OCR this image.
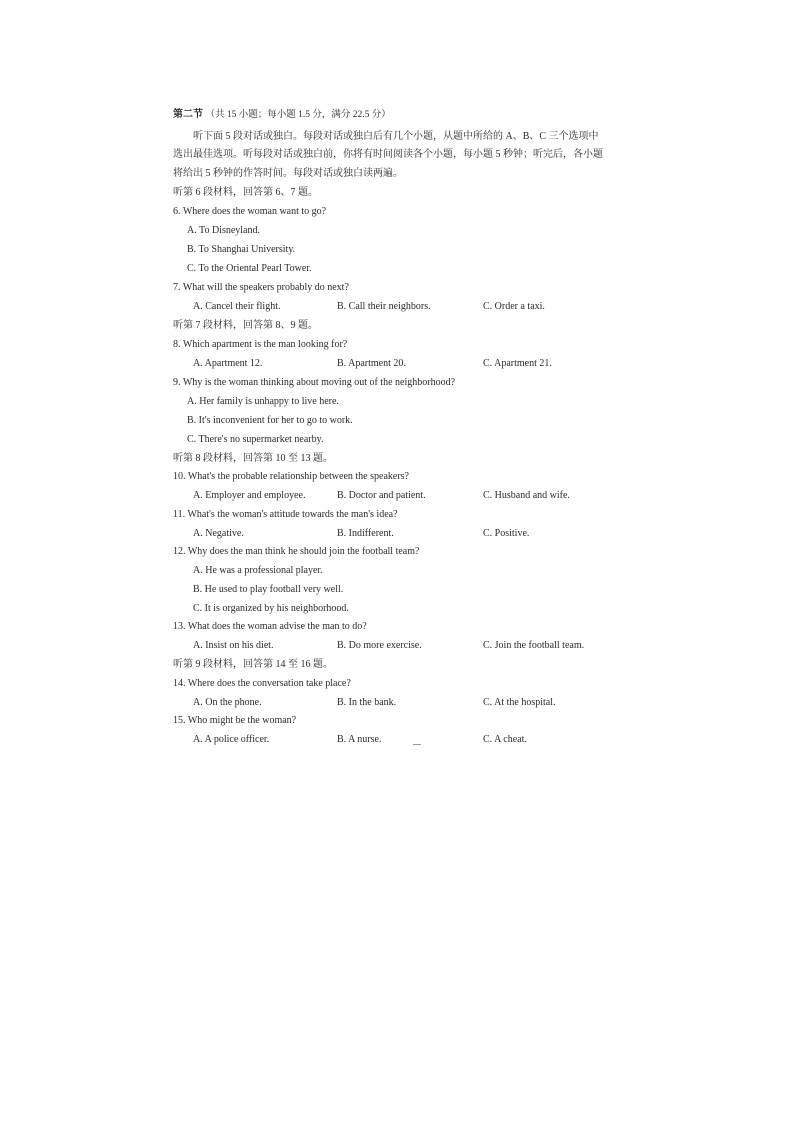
第二节 （共 15 小题；每小题 1.5 分，满分 22.5 分）
听下面 5 段对话或独白。每段对话或独白后有几个小题，从题中所给的 A、B、C 三个选项中
选出最佳选项。听每段对话或独白前，你将有时间阅读各个小题，每小题 5 秒钟；听完后，各小题
将给出 5 秒钟的作答时间。每段对话或独白读两遍。
听第 6 段材料，回答第 6、7 题。
6. Where does the woman want to go?
A. To Disneyland.
B. To Shanghai University.
C. To the Oriental Pearl Tower.
7. What will the speakers probably do next?
A. Cancel their flight.	B. Call their neighbors.	C. Order a taxi.
听第 7 段材料，回答第 8、9 题。
8. Which apartment is the man looking for?
A. Apartment 12.	B. Apartment 20.	C. Apartment 21.
9. Why is the woman thinking about moving out of the neighborhood?
A. Her family is unhappy to live here.
B. It's inconvenient for her to go to work.
C. There's no supermarket nearby.
听第 8 段材料，回答第 10 至 13 题。
10. What's the probable relationship between the speakers?
A. Employer and employee.	B. Doctor and patient.	C. Husband and wife.
11. What's the woman's attitude towards the man's idea?
A. Negative.	B. Indifferent.	C. Positive.
12. Why does the man think he should join the football team?
A. He was a professional player.
B. He used to play football very well.
C. It is organized by his neighborhood.
13. What does the woman advise the man to do?
A. Insist on his diet.	B. Do more exercise.	C. Join the football team.
听第 9 段材料，回答第 14 至 16 题。
14. Where does the conversation take place?
A. On the phone.	B. In the bank.	C. At the hospital.
15. Who might be the woman?
A. A police officer.	B. A nurse.	C. A cheat.
